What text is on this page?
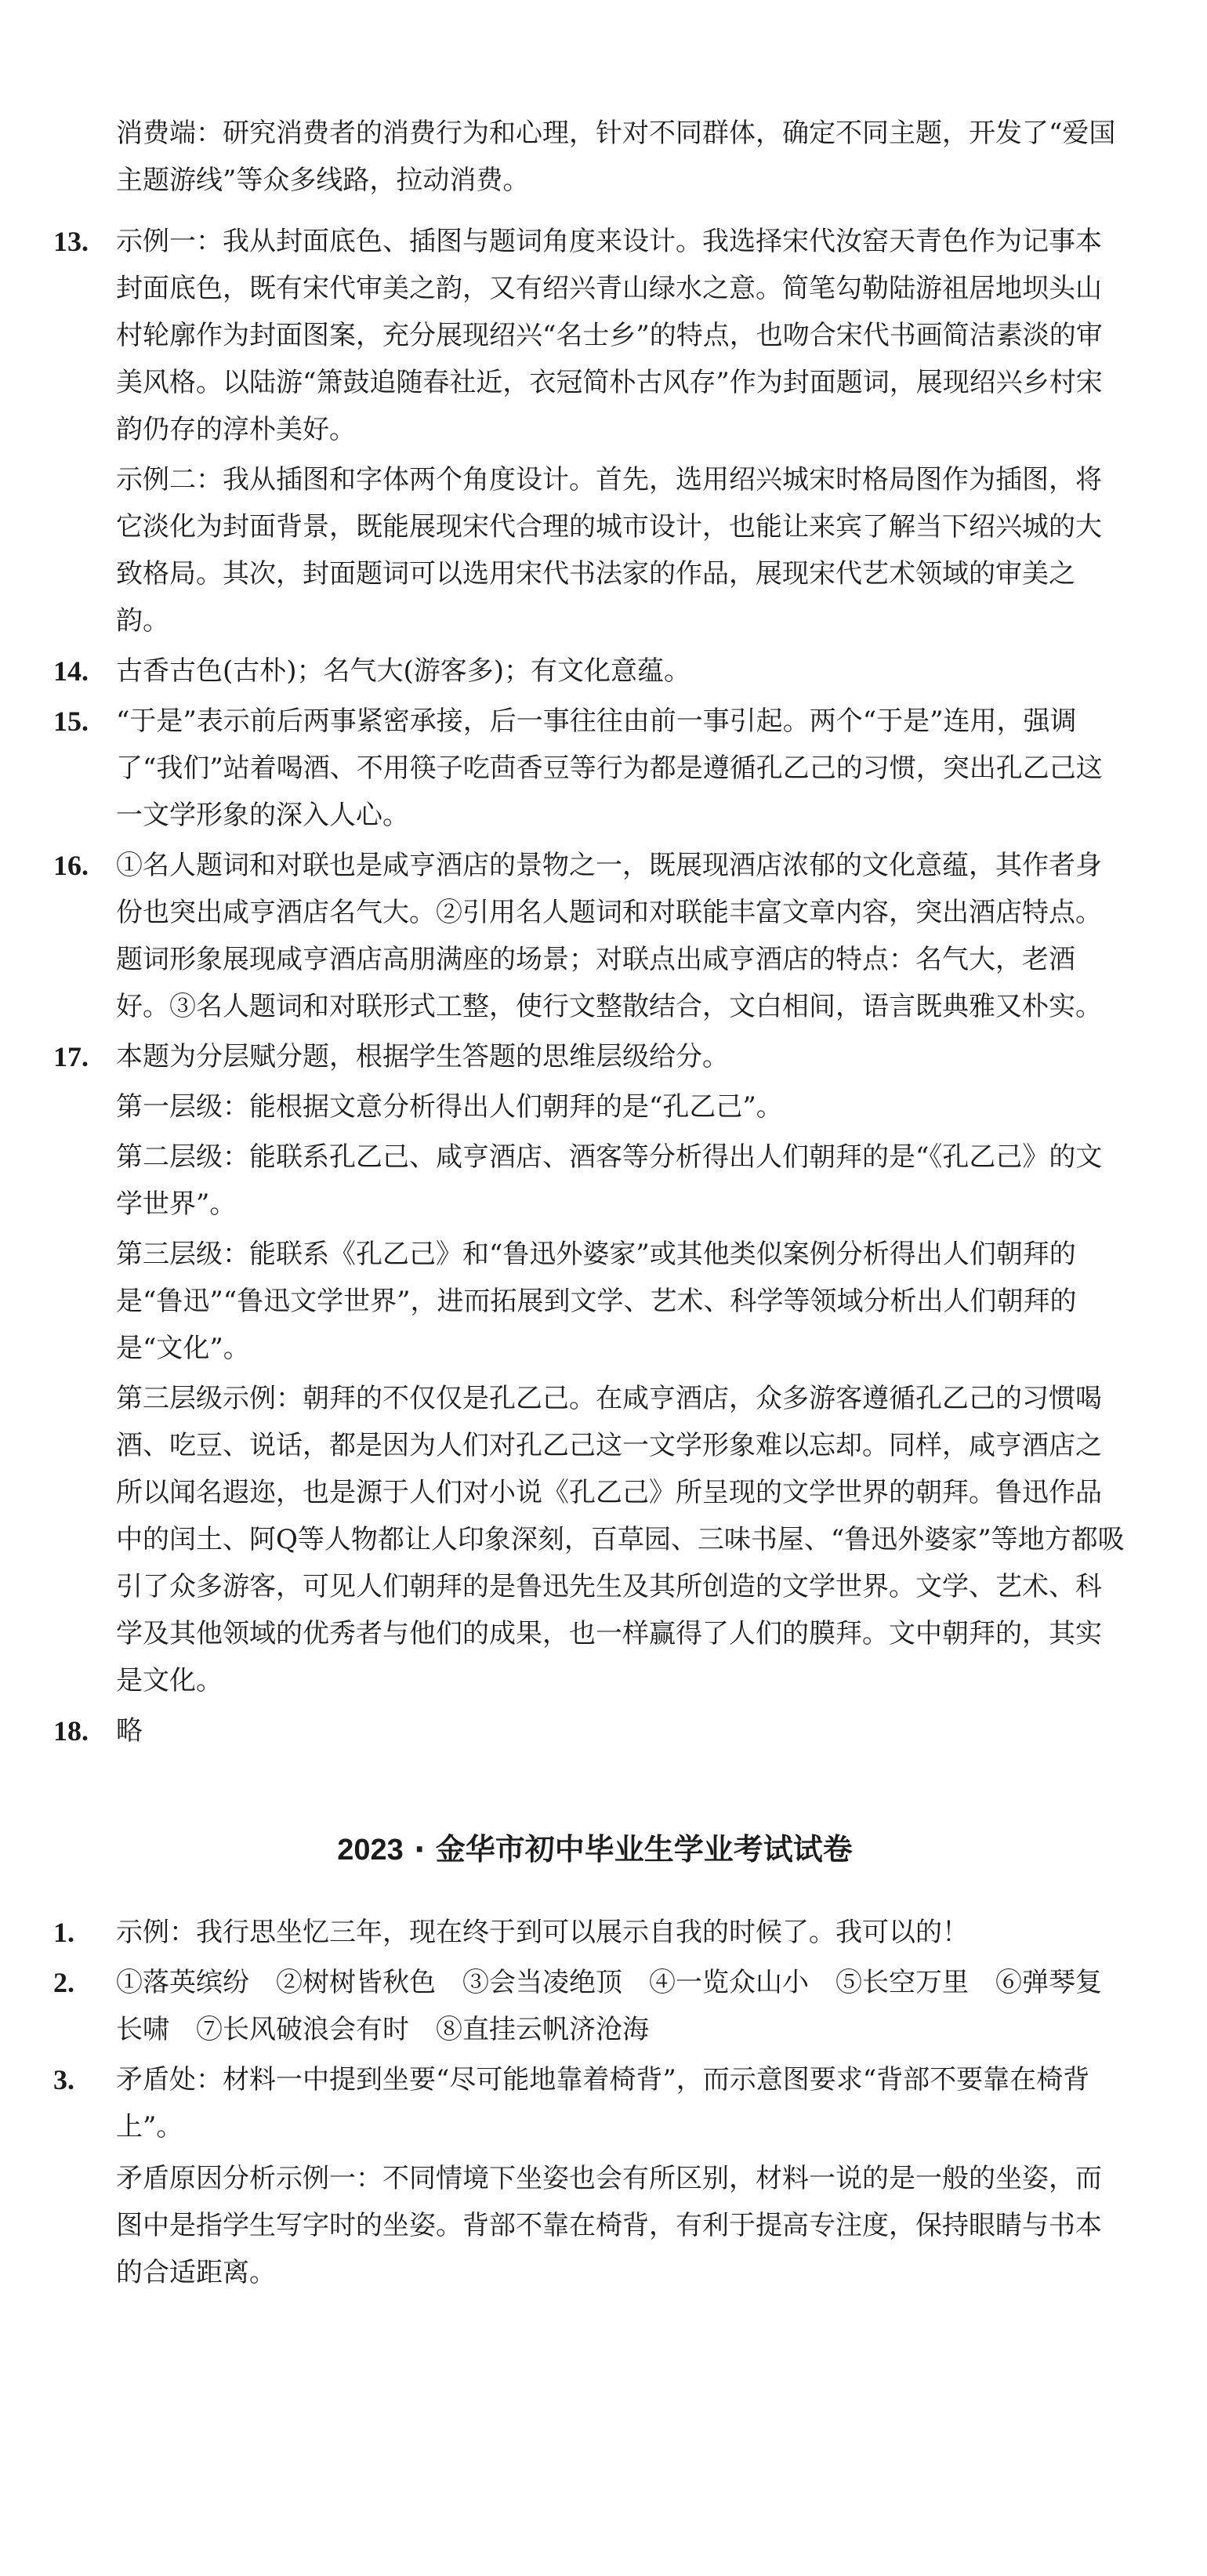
消费端：研究消费者的消费行为和心理，针对不同群体，确定不同主题，开发了“爱国主题游线”等众多线路，拉动消费。

13. 示例一：我从封面底色、插图与题词角度来设计。我选择宋代汝窑天青色作为记事本封面底色，既有宋代审美之韵，又有绍兴青山绿水之意。简笔勾勒陆游祖居地坝头山村轮廓作为封面图案，充分展现绍兴“名士乡”的特点，也吻合宋代书画简洁素淡的审美风格。以陆游“箫鼓追随春社近，衣冠简朴古风存”作为封面题词，展现绍兴乡村宋韵仍存的淳朴美好。

示例二：我从插图和字体两个角度设计。首先，选用绍兴城宋时格局图作为插图，将它淡化为封面背景，既能展现宋代合理的城市设计，也能让来宾了解当下绍兴城的大致格局。其次，封面题词可以选用宋代书法家的作品，展现宋代艺术领域的审美之韵。

14. 古香古色(古朴)；名气大(游客多)；有文化意蕴。

15. “于是”表示前后两事紧密承接，后一事往往由前一事引起。两个“于是”连用，强调了“我们”站着喝酒、不用筷子吃茴香豆等行为都是遵循孔乙己的习惯，突出孔乙己这一文学形象的深入人心。

16. ①名人题词和对联也是咸亨酒店的景物之一，既展现酒店浓郁的文化意蕴，其作者身份也突出咸亨酒店名气大。②引用名人题词和对联能丰富文章内容，突出酒店特点。题词形象展现咸亨酒店高朋满座的场景；对联点出咸亨酒店的特点：名气大，老酒好。③名人题词和对联形式工整，使行文整散结合，文白相间，语言既典雅又朴实。

17. 本题为分层赋分题，根据学生答题的思维层级给分。

第一层级：能根据文意分析得出人们朝拜的是“孔乙己”。

第二层级：能联系孔乙己、咸亨酒店、酒客等分析得出人们朝拜的是“《孔乙己》的文学世界”。

第三层级：能联系《孔乙己》和“鲁迅外婆家”或其他类似案例分析得出人们朝拜的是“鲁迅”“鲁迅文学世界”，进而拓展到文学、艺术、科学等领域分析出人们朝拜的是“文化”。

第三层级示例：朝拜的不仅仅是孔乙己。在咸亨酒店，众多游客遵循孔乙己的习惯喝酒、吃豆、说话，都是因为人们对孔乙己这一文学形象难以忘却。同样，咸亨酒店之所以闻名遐迩，也是源于人们对小说《孔乙己》所呈现的文学世界的朝拜。鲁迅作品中的闰土、阿Q等人物都让人印象深刻，百草园、三味书屋、“鲁迅外婆家”等地方都吸引了众多游客，可见人们朝拜的是鲁迅先生及其所创造的文学世界。文学、艺术、科学及其他领域的优秀者与他们的成果，也一样赢得了人们的膜拜。文中朝拜的，其实是文化。

18. 略

2023 · 金华市初中毕业生学业考试试卷
1. 示例：我行思坐忆三年，现在终于到可以展示自我的时候了。我可以的！

2. ①落英缤纷　②树树皆秋色　③会当凌绝顶　④一览众山小　⑤长空万里　⑥弹琴复长啸　⑦长风破浪会有时　⑧直挂云帆济沧海

3. 矛盾处：材料一中提到坐要“尽可能地靠着椅背”，而示意图要求“背部不要靠在椅背上”。

矛盾原因分析示例一：不同情境下坐姿也会有所区别，材料一说的是一般的坐姿，而图中是指学生写字时的坐姿。背部不靠在椅背，有利于提高专注度，保持眼睛与书本的合适距离。
